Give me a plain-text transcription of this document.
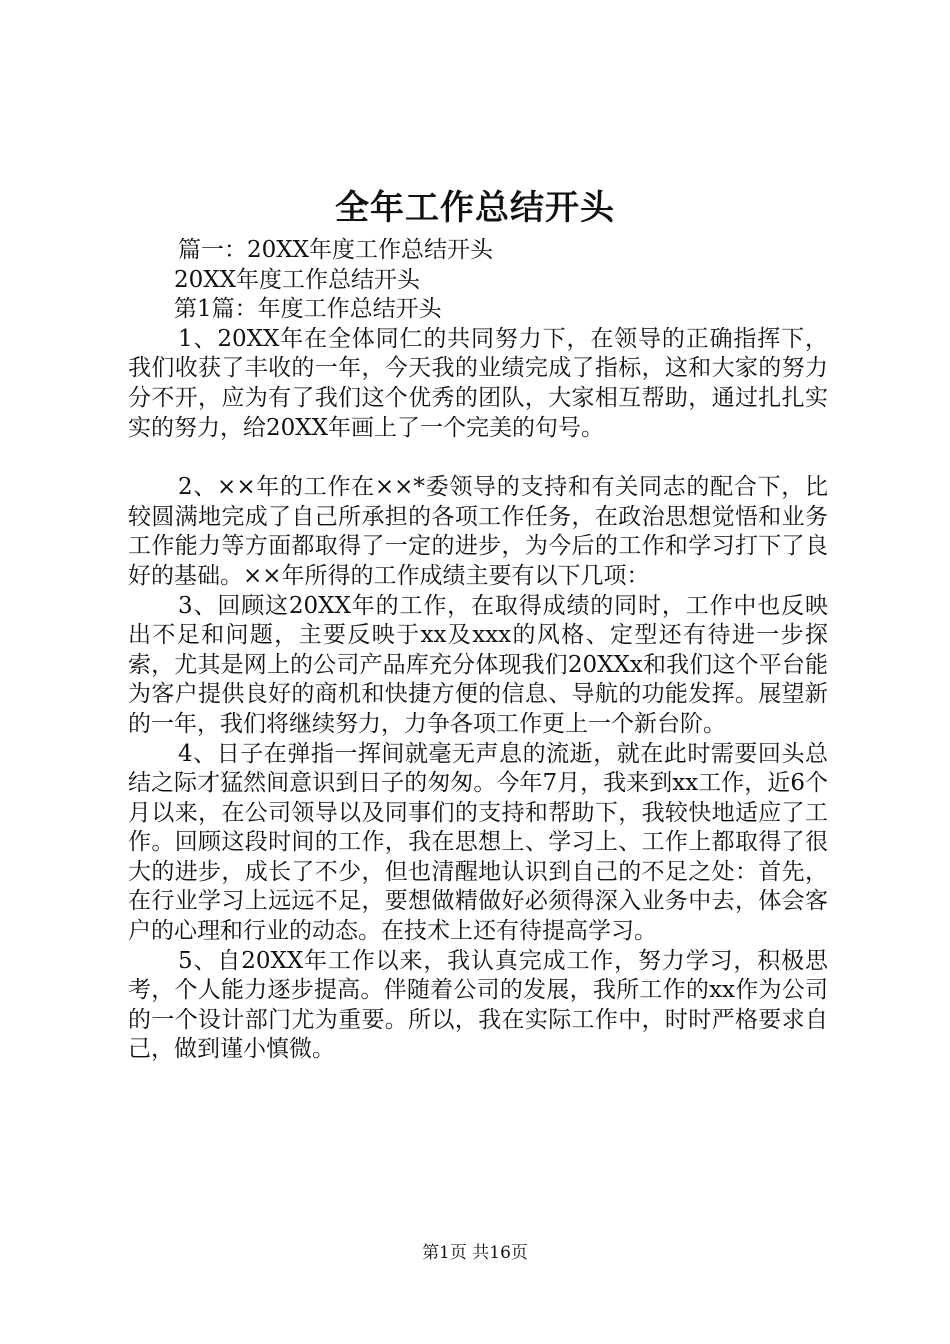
全年工作总结开头

篇一：20XX年度工作总结开头

20XX年度工作总结开头

第1篇：年度工作总结开头

1、20XX年在全体同仁的共同努力下，在领导的正确指挥下，我们收获了丰收的一年，今天我的业绩完成了指标，这和大家的努力分不开，应为有了我们这个优秀的团队，大家相互帮助，通过扎扎实实的努力，给20XX年画上了一个完美的句号。

2、××年的工作在××*委领导的支持和有关同志的配合下，比较圆满地完成了自己所承担的各项工作任务，在政治思想觉悟和业务工作能力等方面都取得了一定的进步，为今后的工作和学习打下了良好的基础。××年所得的工作成绩主要有以下几项：

3、回顾这20XX年的工作，在取得成绩的同时，工作中也反映出不足和问题，主要反映于xx及xxx的风格、定型还有待进一步探索，尤其是网上的公司产品库充分体现我们20XXx和我们这个平台能为客户提供良好的商机和快捷方便的信息、导航的功能发挥。展望新的一年，我们将继续努力，力争各项工作更上一个新台阶。

4、日子在弹指一挥间就毫无声息的流逝，就在此时需要回头总结之际才猛然间意识到日子的匆匆。今年7月，我来到xx工作，近6个月以来，在公司领导以及同事们的支持和帮助下，我较快地适应了工作。回顾这段时间的工作，我在思想上、学习上、工作上都取得了很大的进步，成长了不少，但也清醒地认识到自己的不足之处：首先，在行业学习上远远不足，要想做精做好必须得深入业务中去，体会客户的心理和行业的动态。在技术上还有待提高学习。

5、自20XX年工作以来，我认真完成工作，努力学习，积极思考，个人能力逐步提高。伴随着公司的发展，我所工作的xx作为公司的一个设计部门尤为重要。所以，我在实际工作中，时时严格要求自己，做到谨小慎微。

第1页 共16页
